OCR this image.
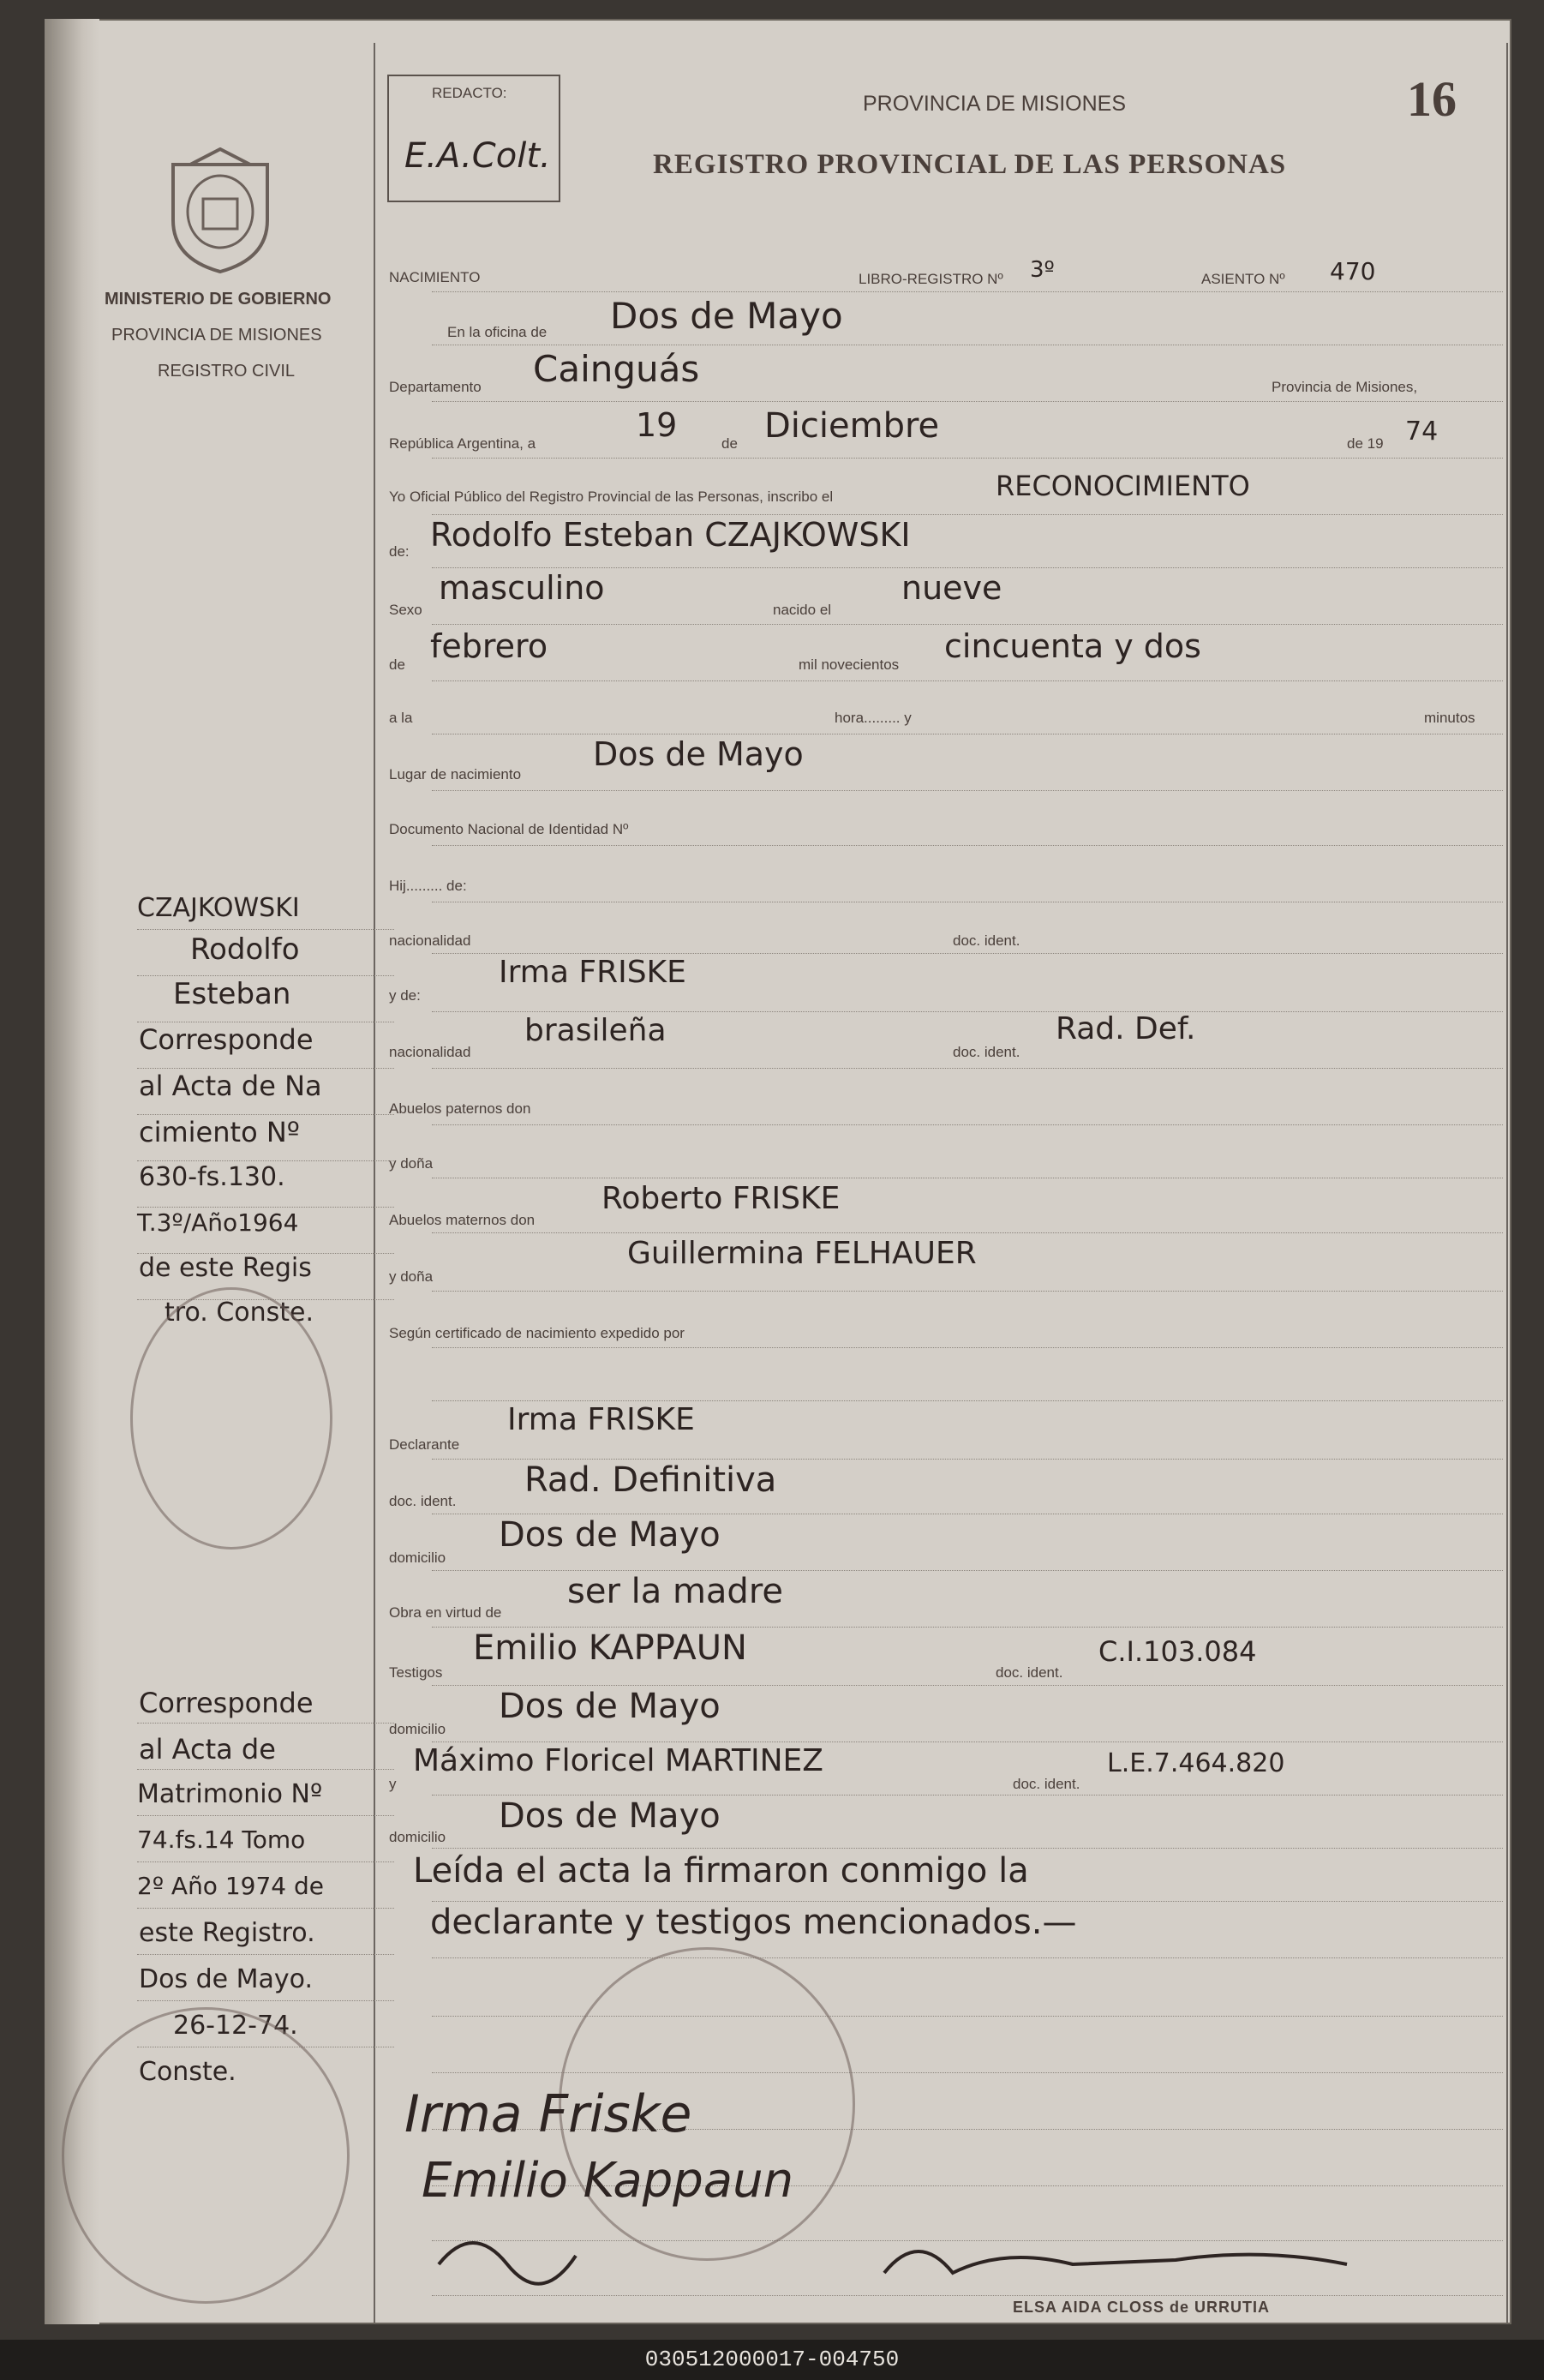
REDACTO:
E.A.Colt.
PROVINCIA DE MISIONES
REGISTRO PROVINCIAL DE LAS PERSONAS
16
MINISTERIO DE GOBIERNO
PROVINCIA DE MISIONES
REGISTRO CIVIL
NACIMIENTO	LIBRO-REGISTRO Nº 3º	ASIENTO Nº 470
En la oficina de Dos de Mayo
Departamento Cainguás	Provincia de Misiones,
República Argentina, a	19	de Diciembre	de 19 74
Yo Oficial Público del Registro Provincial de las Personas, inscribo el	RECONOCIMIENTO
de: Rodolfo Esteban CZAJKOWSKI
Sexo
masculino
nacido el
nueve
de febrero	mil novecientos cincuenta y dos
a la	hora......... y	minutos
Lugar de nacimiento
Dos de Mayo
Documento Nacional de Identidad Nº
Hij......... de:
nacionalidad	doc. ident.
y de:
Irma FRISKE
nacionalidad
brasileña
doc. ident.
Rad. Def.
Abuelos paternos don
y doña
Abuelos maternos don
Roberto FRISKE
y doña
Guillermina FELHAUER
Según certificado de nacimiento expedido por
Declarante
Irma FRISKE
doc. ident.
Rad. Definitiva
domicilio
Dos de Mayo
Obra en virtud de
ser la madre
Testigos
Emilio KAPPAUN
doc. ident.
C.I.103.084
domicilio
Dos de Mayo
y
Máximo Floricel MARTINEZ
doc. ident.
L.E.7.464.820
domicilio
Dos de Mayo
Leída el acta la firmaron conmigo la
declarante y testigos mencionados.—
CZAJKOWSKI
Rodolfo
Esteban
Corresponde
al Acta de Na
cimiento Nº
630-fs.130.
T.3º/Año1964
de este Regis
tro. Conste.
Corresponde
al Acta de
Matrimonio Nº
74.fs.14 Tomo
2º Año 1974 de
este Registro.
Dos de Mayo.
26-12-74.
Conste.
Irma Friske
Emilio Kappaun
ELSA AIDA CLOSS de URRUTIA
030512000017-004750
